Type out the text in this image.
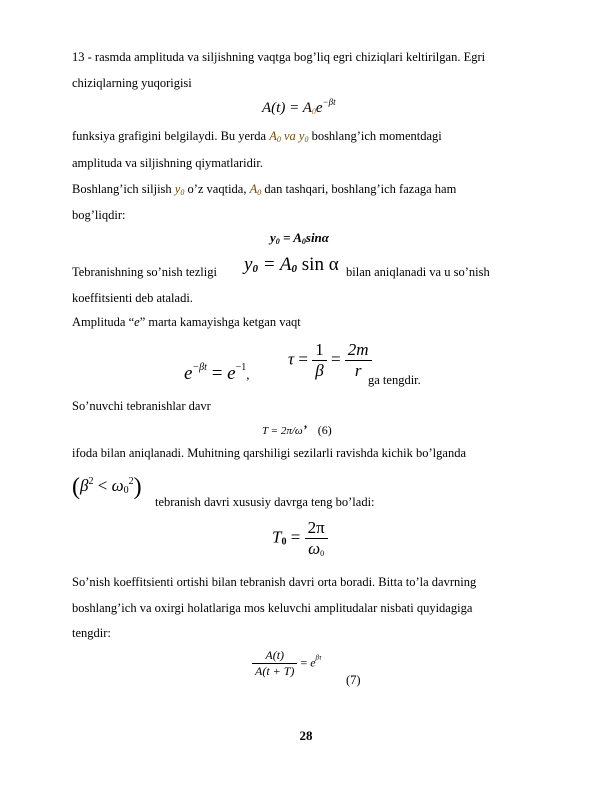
13 - rasmda amplituda va siljishning vaqtga bog’liq egri chiziqlari keltirilgan. Egri
chiziqlarning yuqorigisi
$A(t) = A_0e^{-\beta t}$
funksiya grafigini belgilaydi. Bu yerda $A_0$ va $y_0$ boshlang’ich momentdagi
amplituda va siljishning qiymatlaridir.
Boshlang’ich siljish $y_0$ o’z vaqtida, $A_0$ dan tashqari, boshlang’ich fazaga ham
bog’liqdir:
$y_0 = A_0\sin\alpha$
Tebranishning so’nish tezligi y0 = A0 sin α bilan aniqlanadi va u so’nish
koeffitsienti deb ataladi.
Amplituda “e” marta kamayishga ketgan vaqt
$e^{-\beta t} = e^{-1}$,
$\tau = \frac{1}{\beta} = \frac{2m}{r}$
ga tengdir.
So’nuvchi tebranishlar davr
T = 2π/ω’ (6)
ifoda bilan aniqlanadi. Muhitning qarshiligi sezilarli ravishda kichik bo’lganda
$(\beta^2 < \omega_0^2)$
tebranish davri xususiy davrga teng bo’ladi:
$T_0 = \frac{2\pi}{\omega_0}$
So’nish koeffitsienti ortishi bilan tebranish davri orta boradi. Bitta to’la davrning
boshlang’ich va oxirgi holatlariga mos keluvchi amplitudalar nisbati quyidagiga
tengdir:
$\frac{A(t)}{A(t + T)} = e^{\beta\tau}$
(7)
28
